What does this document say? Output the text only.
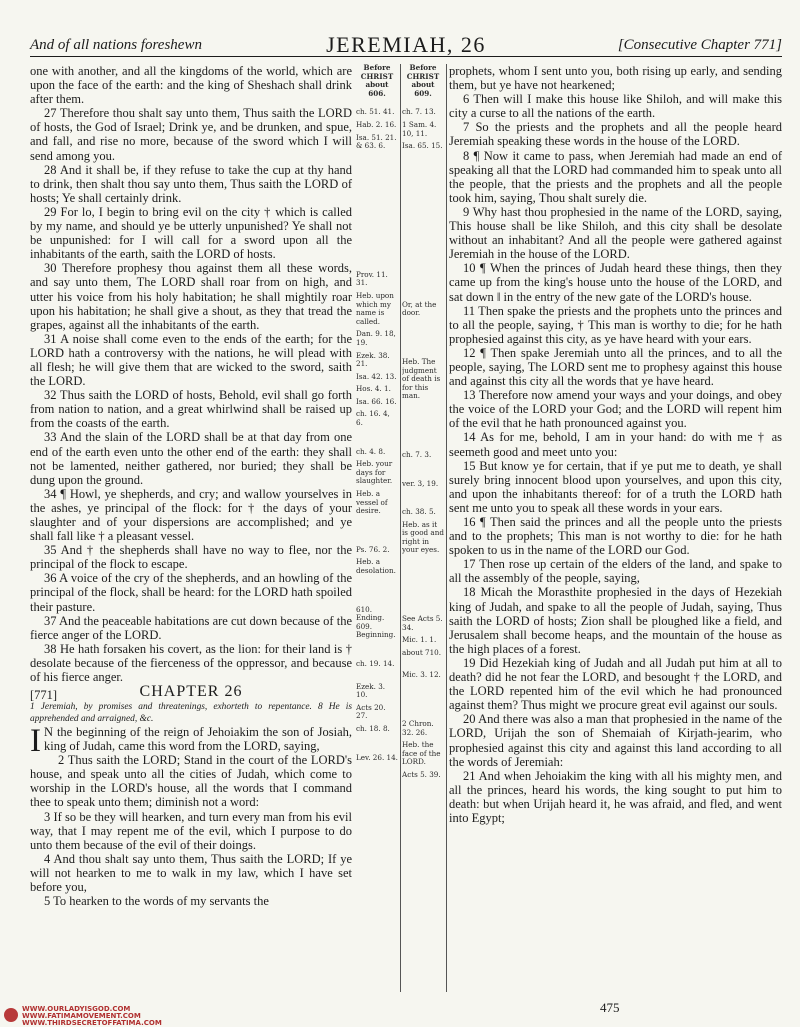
And of all nations foreshewn	JEREMIAH, 26	[Consecutive Chapter 771]

one with another, and all the kingdoms of the world, which are upon the face of the earth: and the king of Sheshach shall drink after them.

27 Therefore thou shalt say unto them, Thus saith the LORD of hosts, the God of Israel; Drink ye, and be drunken, and spue, and fall, and rise no more, because of the sword which I will send among you.

28 And it shall be, if they refuse to take the cup at thy hand to drink, then shalt thou say unto them, Thus saith the LORD of hosts; Ye shall certainly drink.

29 For lo, I begin to bring evil on the city † which is called by my name, and should ye be utterly unpunished? Ye shall not be unpunished: for I will call for a sword upon all the inhabitants of the earth, saith the LORD of hosts.

30 Therefore prophesy thou against them all these words, and say unto them, The LORD shall roar from on high, and utter his voice from his holy habitation; he shall mightily roar upon his habitation; he shall give a shout, as they that tread the grapes, against all the inhabitants of the earth.

31 A noise shall come even to the ends of the earth; for the LORD hath a controversy with the nations, he will plead with all flesh; he will give them that are wicked to the sword, saith the LORD.

32 Thus saith the LORD of hosts, Behold, evil shall go forth from nation to nation, and a great whirlwind shall be raised up from the coasts of the earth.

33 And the slain of the LORD shall be at that day from one end of the earth even unto the other end of the earth: they shall not be lamented, neither gathered, nor buried; they shall be dung upon the ground.

34 ¶ Howl, ye shepherds, and cry; and wallow yourselves in the ashes, ye principal of the flock: for † the days of your slaughter and of your dispersions are accomplished; and ye shall fall like † a pleasant vessel.

35 And † the shepherds shall have no way to flee, nor the principal of the flock to escape.

36 A voice of the cry of the shepherds, and an howling of the principal of the flock, shall be heard: for the LORD hath spoiled their pasture.

37 And the peaceable habitations are cut down because of the fierce anger of the LORD.

38 He hath forsaken his covert, as the lion: for their land is † desolate because of the fierceness of the oppressor, and because of his fierce anger.

[771]	CHAPTER 26

1 Jeremiah, by promises and threatenings, exhorteth to repentance. 8 He is apprehended and arraigned, &c.

I N the beginning of the reign of Jehoiakim the son of Josiah, king of Judah, came this word from the LORD, saying,

2 Thus saith the LORD; Stand in the court of the LORD's house, and speak unto all the cities of Judah, which come to worship in the LORD's house, all the words that I command thee to speak unto them; diminish not a word:

3 If so be they will hearken, and turn every man from his evil way, that I may repent me of the evil, which I purpose to do unto them because of the evil of their doings.

4 And thou shalt say unto them, Thus saith the LORD; If ye will not hearken to me to walk in my law, which I have set before you,

5 To hearken to the words of my servants the

Before CHRIST about 606.
ch. 51. 41.
Hab. 2. 16.
Isa. 51. 21. & 63. 6.
Prov. 11. 31.
Heb. upon which my name is called.
Dan. 9. 18, 19.
Ezek. 38. 21.
Isa. 42. 13.
Hos. 4. 1.
Isa. 66. 16.
ch. 16. 4, 6.
ch. 4. 8.
Heb. your days for slaughter.
Heb. a vessel of desire.
Ps. 76. 2.
Heb. a desolation.
610. Ending. 609. Beginning.
ch. 19. 14.
Ezek. 3. 10.
Acts 20. 27.
ch. 18. 8.
Lev. 26. 14.
Before CHRIST about 609.
ch. 7. 13.
1 Sam. 4. 10, 11.
Isa. 65. 15.
Or, at the door.
Heb. The judgment of death is for this man.
ch. 7. 3.
ver. 3, 19.
ch. 38. 5.
Heb. as it is good and right in your eyes.
See Acts 5. 34.
Mic. 1. 1.
about 710.
Mic. 3. 12.
2 Chron. 32. 26.
Heb. the face of the LORD.
Acts 5. 39.

prophets, whom I sent unto you, both rising up early, and sending them, but ye have not hearkened;

6 Then will I make this house like Shiloh, and will make this city a curse to all the nations of the earth.

7 So the priests and the prophets and all the people heard Jeremiah speaking these words in the house of the LORD.

8 ¶ Now it came to pass, when Jeremiah had made an end of speaking all that the LORD had commanded him to speak unto all the people, that the priests and the prophets and all the people took him, saying, Thou shalt surely die.

9 Why hast thou prophesied in the name of the LORD, saying, This house shall be like Shiloh, and this city shall be desolate without an inhabitant? And all the people were gathered against Jeremiah in the house of the LORD.

10 ¶ When the princes of Judah heard these things, then they came up from the king's house unto the house of the LORD, and sat down ‖ in the entry of the new gate of the LORD's house.

11 Then spake the priests and the prophets unto the princes and to all the people, saying, † This man is worthy to die; for he hath prophesied against this city, as ye have heard with your ears.

12 ¶ Then spake Jeremiah unto all the princes, and to all the people, saying, The LORD sent me to prophesy against this house and against this city all the words that ye have heard.

13 Therefore now amend your ways and your doings, and obey the voice of the LORD your God; and the LORD will repent him of the evil that he hath pronounced against you.

14 As for me, behold, I am in your hand: do with me † as seemeth good and meet unto you:

15 But know ye for certain, that if ye put me to death, ye shall surely bring innocent blood upon yourselves, and upon this city, and upon the inhabitants thereof: for of a truth the LORD hath sent me unto you to speak all these words in your ears.

16 ¶ Then said the princes and all the people unto the priests and to the prophets; This man is not worthy to die: for he hath spoken to us in the name of the LORD our God.

17 Then rose up certain of the elders of the land, and spake to all the assembly of the people, saying,

18 Micah the Morasthite prophesied in the days of Hezekiah king of Judah, and spake to all the people of Judah, saying, Thus saith the LORD of hosts; Zion shall be ploughed like a field, and Jerusalem shall become heaps, and the mountain of the house as the high places of a forest.

19 Did Hezekiah king of Judah and all Judah put him at all to death? did he not fear the LORD, and besought † the LORD, and the LORD repented him of the evil which he had pronounced against them? Thus might we procure great evil against our souls.

20 And there was also a man that prophesied in the name of the LORD, Urijah the son of Shemaiah of Kirjath-jearim, who prophesied against this city and against this land according to all the words of Jeremiah:

21 And when Jehoiakim the king with all his mighty men, and all the princes, heard his words, the king sought to put him to death: but when Urijah heard it, he was afraid, and fled, and went into Egypt;

WWW.OURLADYISGOD.COM
WWW.FATIMAMOVEMENT.COM
WWW.THIRDSECRETOFFATIMA.COM
475
